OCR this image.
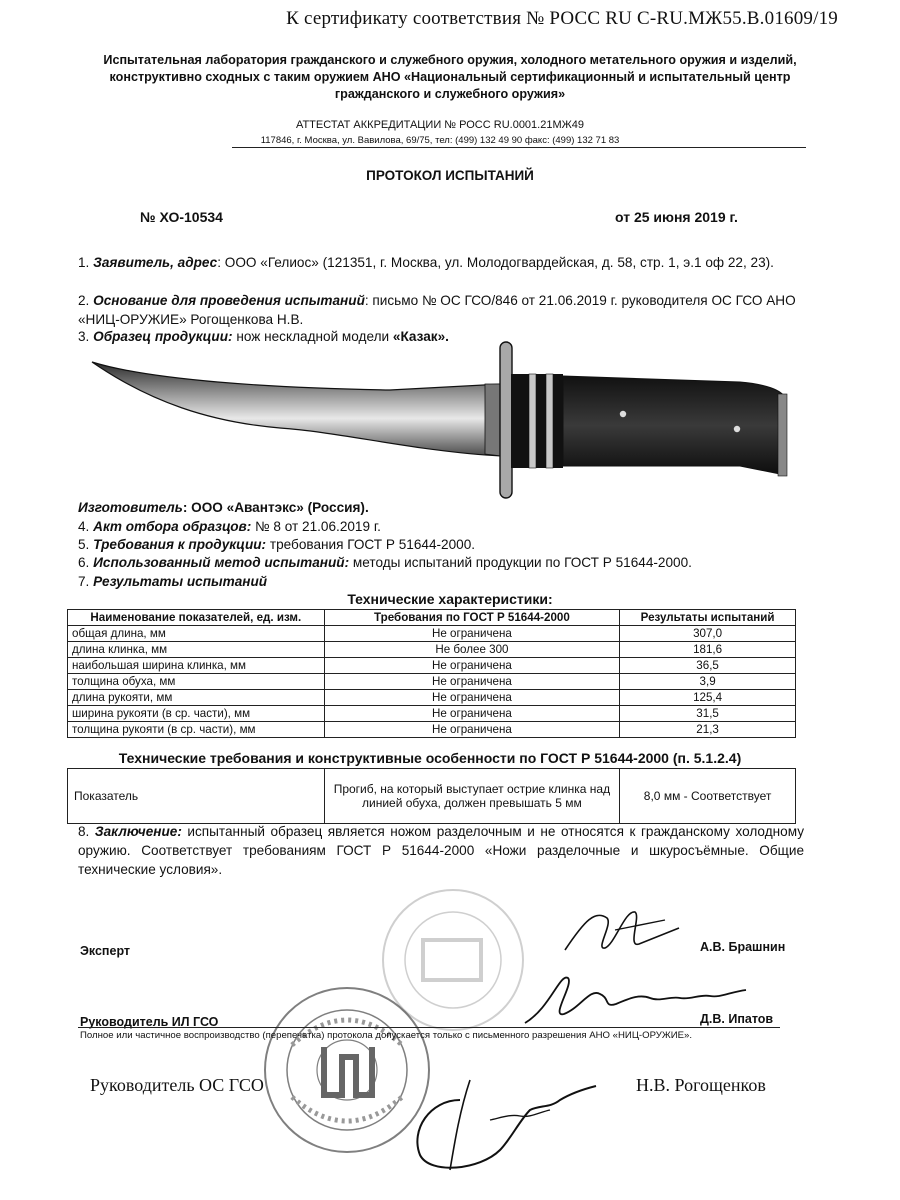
К сертификату соответствия № РОСС RU C-RU.МЖ55.В.01609/19
Испытательная лаборатория гражданского и служебного оружия, холодного метательного оружия и изделий, конструктивно сходных с таким оружием АНО «Национальный сертификационный и испытательный центр гражданского и служебного оружия»
АТТЕСТАТ АККРЕДИТАЦИИ № РОСС RU.0001.21МЖ49
117846, г. Москва, ул. Вавилова, 69/75, тел: (499) 132 49 90 факс: (499) 132 71 83
ПРОТОКОЛ ИСПЫТАНИЙ
№ ХО-10534	от 25 июня 2019 г.
1. Заявитель, адрес: ООО «Гелиос» (121351, г. Москва, ул. Молодогвардейская, д. 58, стр. 1, э.1 оф 22, 23).
2. Основание для проведения испытаний: письмо № ОС ГСО/846 от 21.06.2019 г. руководителя ОС ГСО АНО «НИЦ-ОРУЖИЕ» Рогощенкова Н.В.
3. Образец продукции: нож нескладной модели «Казак».
Изготовитель: ООО «Авантэкс» (Россия).
4. Акт отбора образцов: № 8 от 21.06.2019 г.
5. Требования к продукции: требования ГОСТ Р 51644-2000.
6. Использованный метод испытаний: методы испытаний продукции по ГОСТ Р 51644-2000.
7. Результаты испытаний
Технические характеристики:
Наименование показателей, ед. изм.	Требования по ГОСТ Р 51644-2000	Результаты испытаний
общая длина, мм	Не ограничена	307,0
длина клинка, мм	Не более 300	181,6
наибольшая ширина клинка, мм	Не ограничена	36,5
толщина обуха, мм	Не ограничена	3,9
длина рукояти, мм	Не ограничена	125,4
ширина рукояти (в ср. части), мм	Не ограничена	31,5
толщина рукояти (в ср. части), мм	Не ограничена	21,3
Технические требования и конструктивные особенности по ГОСТ Р 51644-2000 (п. 5.1.2.4)
Показатель	Прогиб, на который выступает острие клинка над линией обуха, должен превышать 5 мм	8,0 мм - Соответствует
8. Заключение: испытанный образец является ножом разделочным и не относятся к гражданскому холодному оружию. Соответствует требованиям ГОСТ Р 51644-2000 «Ножи разделочные и шкуросъёмные. Общие технические условия».
Эксперт	А.В. Брашнин
Руководитель ИЛ ГСО	Д.В. Ипатов
Полное или частичное воспроизводство (перепечатка) протокола допускается только с письменного разрешения АНО «НИЦ-ОРУЖИЕ».
Руководитель ОС ГСО	Н.В. Рогощенков
